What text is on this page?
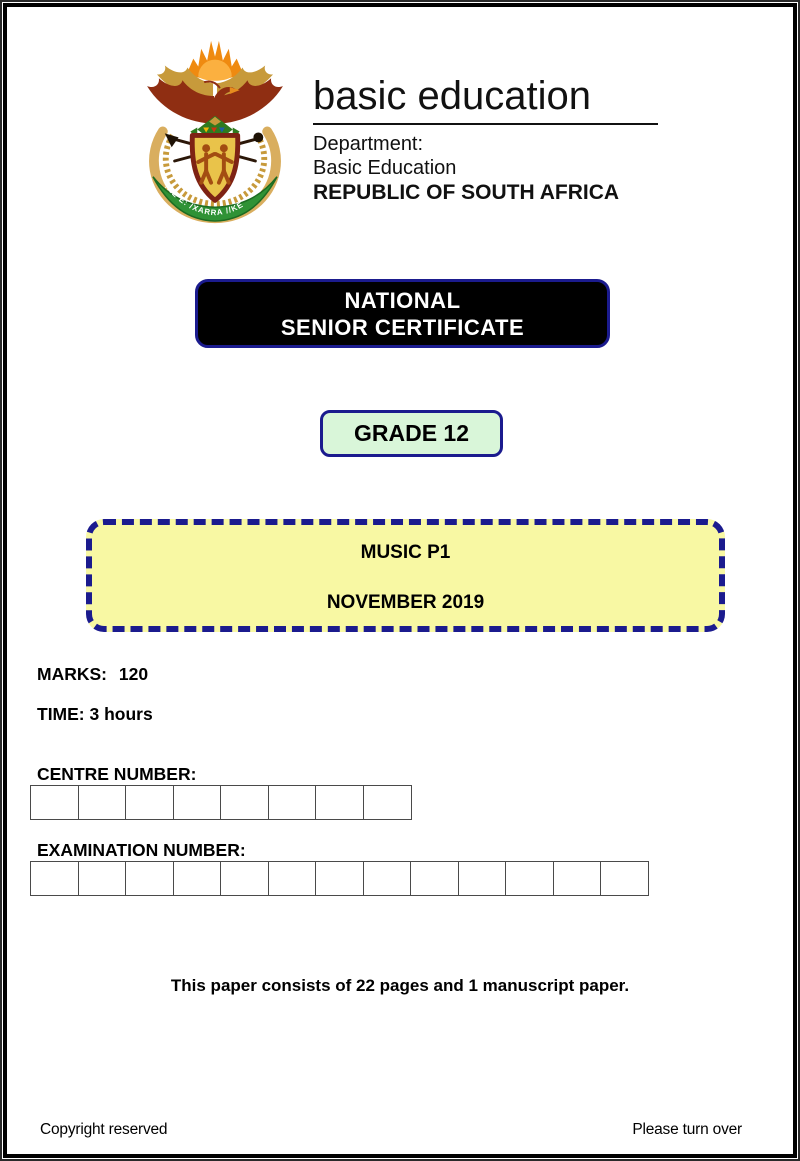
!KE E: /XARRA //KE
basic education
Department:
Basic Education
REPUBLIC OF SOUTH AFRICA
NATIONAL
SENIOR CERTIFICATE
GRADE 12
MUSIC P1
NOVEMBER 2019
MARKS: 120
TIME: 3 hours
CENTRE NUMBER:
EXAMINATION NUMBER:
This paper consists of 22 pages and 1 manuscript paper.
Copyright reserved	Please turn over
